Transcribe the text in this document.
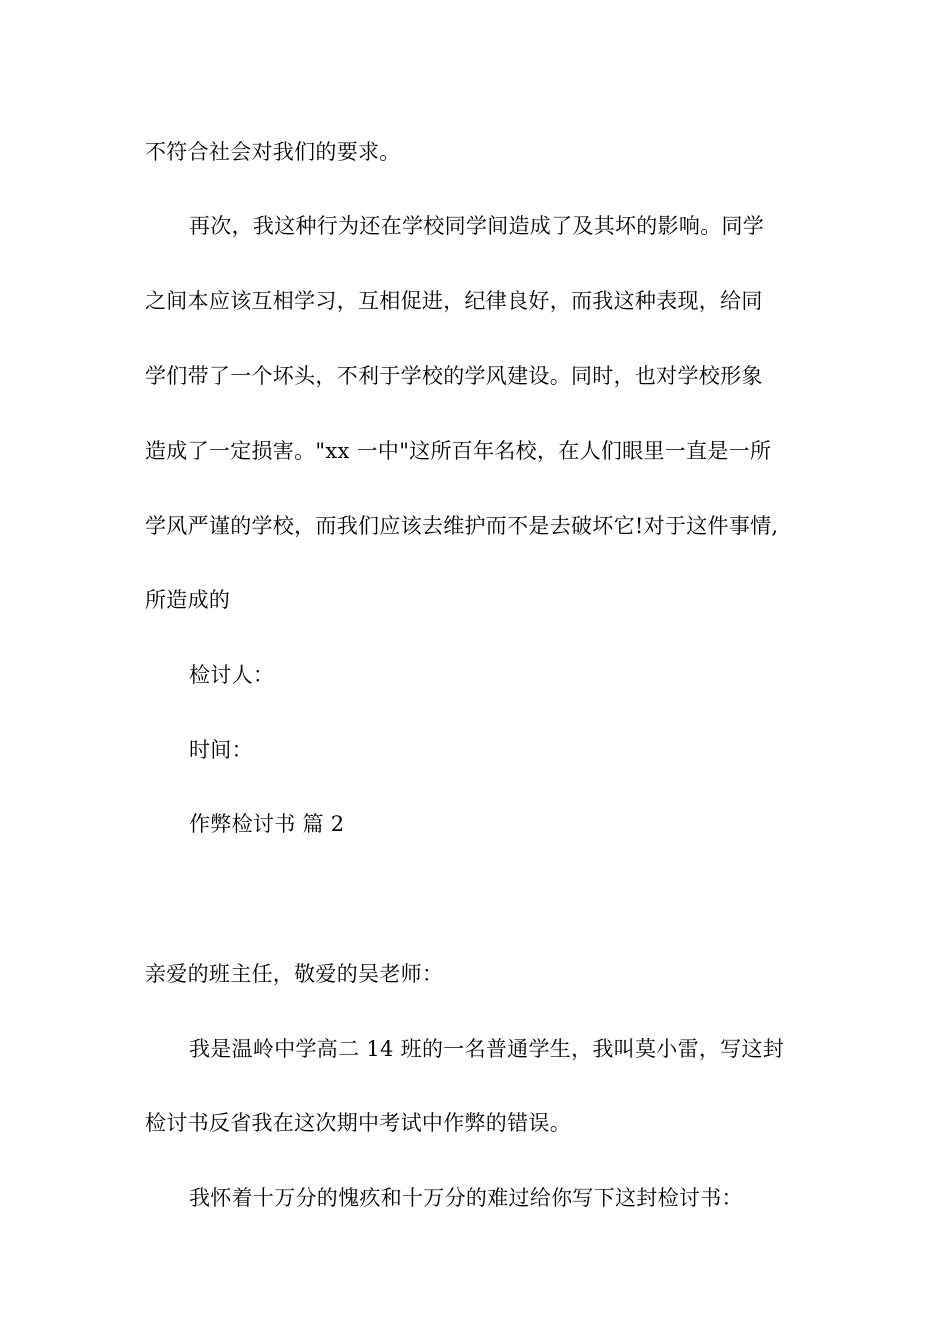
不符合社会对我们的要求。
再次，我这种行为还在学校同学间造成了及其坏的影响。同学
之间本应该互相学习，互相促进，纪律良好，而我这种表现，给同
学们带了一个坏头，不利于学校的学风建设。同时，也对学校形象
造成了一定损害。"xx 一中"这所百年名校，在人们眼里一直是一所
学风严谨的学校，而我们应该去维护而不是去破坏它!对于这件事情,
所造成的
检讨人：
时间：
作弊检讨书 篇 2
亲爱的班主任，敬爱的吴老师：
我是温岭中学高二 14 班的一名普通学生，我叫莫小雷，写这封
检讨书反省我在这次期中考试中作弊的错误。
我怀着十万分的愧疚和十万分的难过给你写下这封检讨书：
